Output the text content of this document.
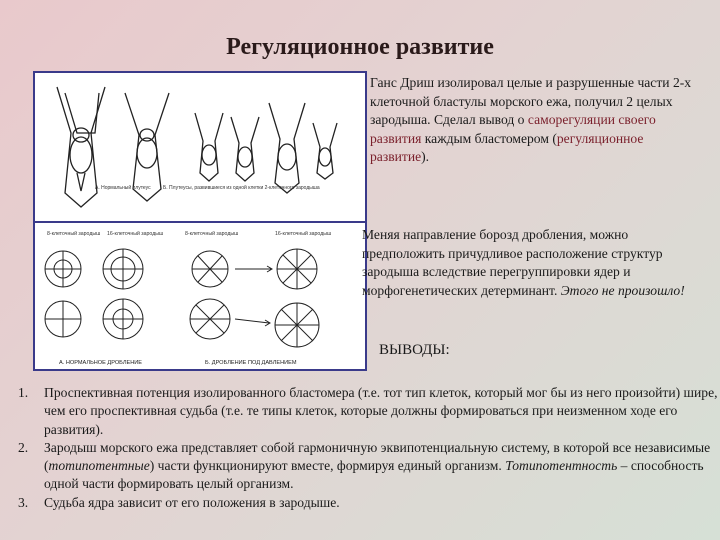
Регуляционное развитие
А. Нормальный плутеус Б. Плутеусы, развившиеся из одной клетки 2-клеточного зародыша
8-клеточный зародыш 16-клеточный зародыш	8-клеточный зародыш	16-клеточный зародыш
А. НОРМАЛЬНОЕ ДРОБЛЕНИЕ	Б. ДРОБЛЕНИЕ ПОД ДАВЛЕНИЕМ
Ганс Дриш изолировал целые и разрушенные части 2-х клеточной бластулы морского ежа, получил 2 целых зародыша. Сделал вывод о саморегуляции своего развития каждым бластомером (регуляционное развитие).
Меняя направление борозд дробления, можно предположить причудливое расположение структур зародыша вследствие перегруппировки ядер и морфогенетических детерминант. Этого не произошло!
ВЫВОДЫ:
1. Проспективная потенция изолированного бластомера (т.е. тот тип клеток, который мог бы из него произойти) шире, чем его проспективная судьба (т.е. те типы клеток, которые должны формироваться при неизменном ходе его развития).
2. Зародыш морского ежа представляет собой гармоничную эквипотенциальную систему, в которой все независимые (тотипотентные) части функционируют вместе, формируя единый организм. Тотипотентность – способность одной части формировать целый организм.
3. Судьба ядра зависит от его положения в зародыше.
